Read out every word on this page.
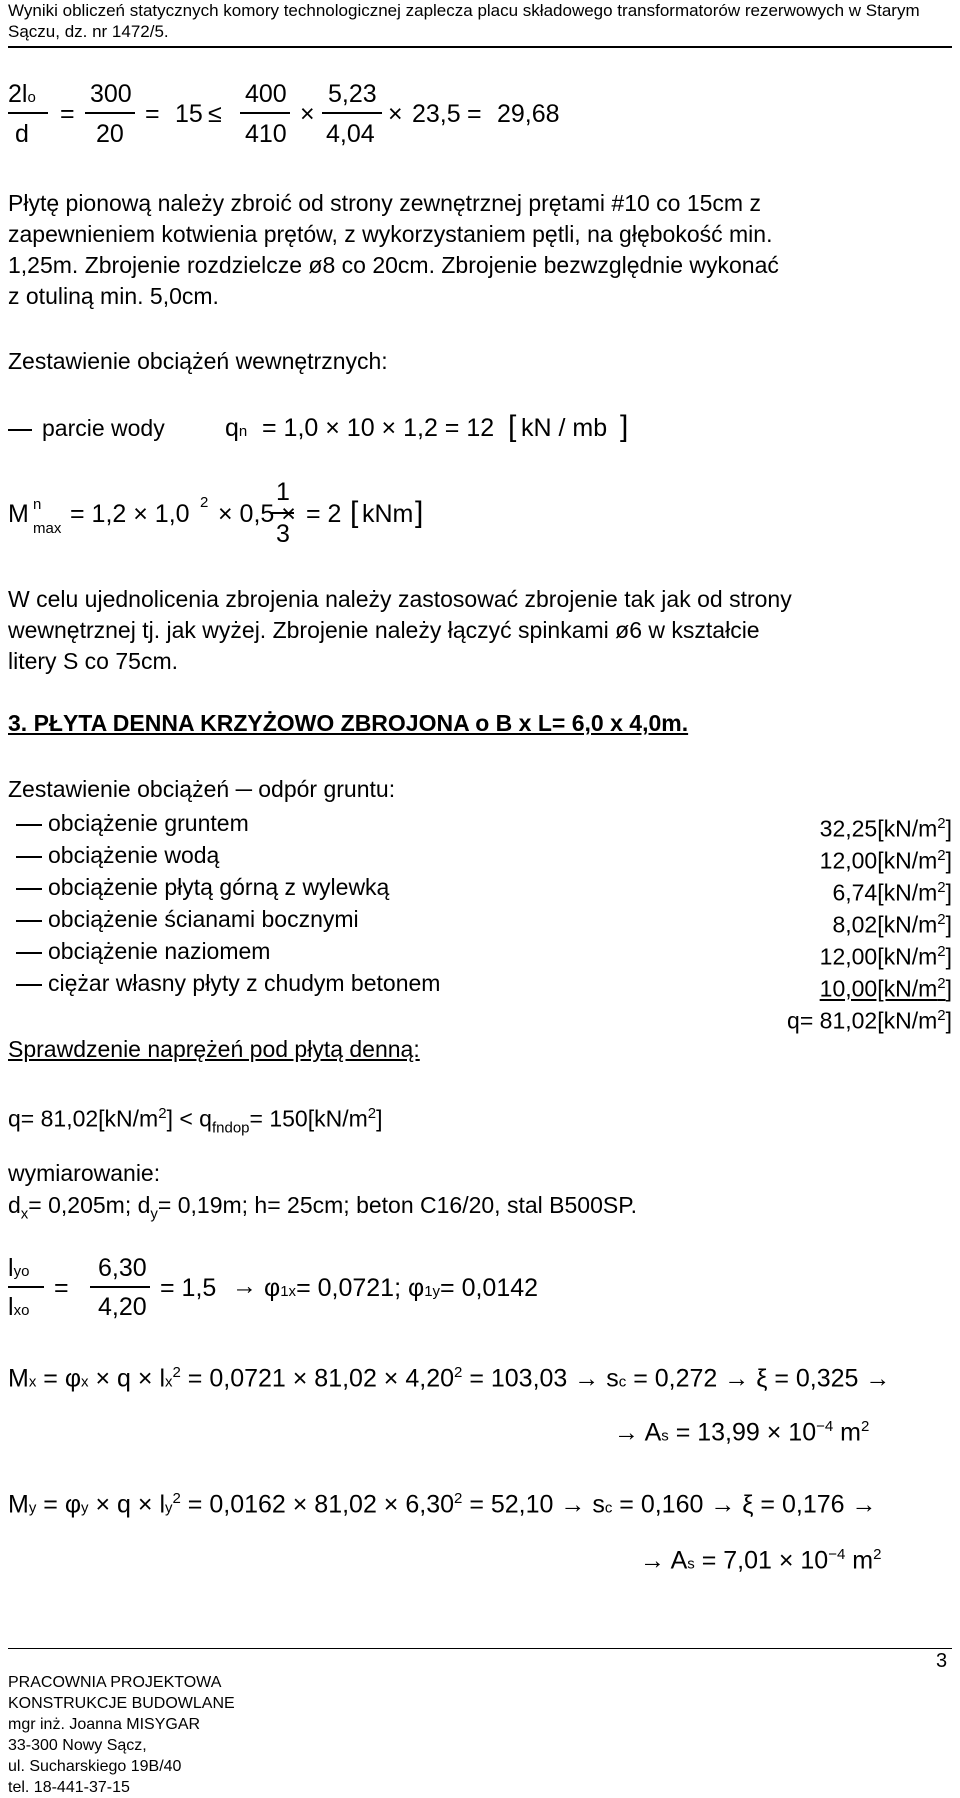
Wyniki obliczeń statycznych komory technologicznej zaplecza placu składowego transformatorów rezerwowych w Starym Sączu, dz. nr 1472/5.
2lo
d
=
300
20
= 15 ≤
400
410
×
5,23
4,04
× 23,5 = 29,68
Płytę pionową należy zbroić od strony zewnętrznej prętami #10 co 15cm z
zapewnieniem kotwienia prętów, z wykorzystaniem pętli, na głębokość min.
1,25m. Zbrojenie rozdzielcze ø8 co 20cm. Zbrojenie bezwzględnie wykonać
z otuliną min. 5,0cm.
Zestawienie obciążeń wewnętrznych:
parcie wody qn = 1,0 × 10 × 1,2 = 12 [ kN / mb ]
M n
max
= 1,2 × 1,0 2 × 0,5 ×
1
3
= 2 [ kNm ]
W celu ujednolicenia zbrojenia należy zastosować zbrojenie tak jak od strony
wewnętrznej tj. jak wyżej. Zbrojenie należy łączyć spinkami ø6 w kształcie
litery S co 75cm.
3. PŁYTA DENNA KRZYŻOWO ZBROJONA o B x L= 6,0 x 4,0m.
Zestawienie obciążeń ─ odpór gruntu:
obciążenie gruntem	$32,25[kN/m^2]$
obciążenie wodą	$12,00[kN/m^2]$
obciążenie płytą górną z wylewką	$6,74[kN/m^2]$
obciążenie ścianami bocznymi	$8,02[kN/m^2]$
obciążenie naziomem	$12,00[kN/m^2]$
ciężar własny płyty z chudym betonem	$10,00[kN/m^2]$
$q= 81,02[kN/m^2]$
Sprawdzenie naprężeń pod płytą denną:
$q= 81,02[kN/m^2] < q_{fndop}= 150[kN/m^2]$
wymiarowanie:
$d_x= 0,205m$; $d_y= 0,19m$; h= 25cm; beton C16/20, stal B500SP.
lyo
lxo
=
6,30
4,20
= 1,5 → φ1x= 0,0721; φ1y= 0,0142
$Mx = \varphi x \times q \times lx^2 = 0,0721 \times 81,02 \times 4,20^2 = 103,03$ → sc = 0,272 → ξ = 0,325 →
→ $As = 13,99 \times 10^{-4}$ $m^2$
$My = \varphi y \times q \times ly^2 = 0,0162 \times 81,02 \times 6,30^2 = 52,10$ → sc = 0,160 → ξ = 0,176 →
→ $As = 7,01 \times 10^{-4}$ $m^2$
3
PRACOWNIA PROJEKTOWA
KONSTRUKCJE BUDOWLANE
mgr inż. Joanna MISYGAR
33-300 Nowy Sącz,
ul. Sucharskiego 19B/40
tel. 18-441-37-15
